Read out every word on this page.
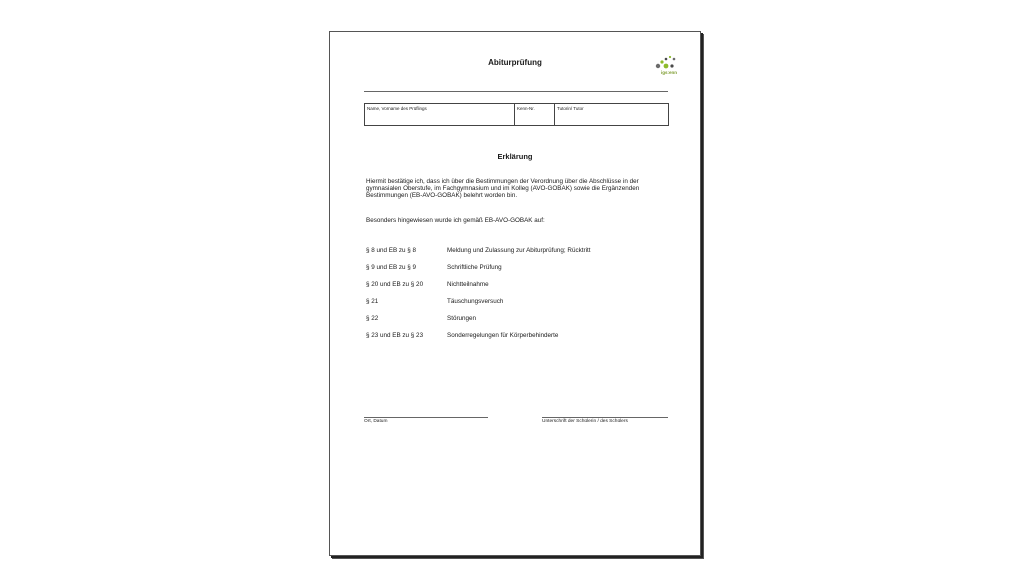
Abiturprüfung
igs:enn
Name, Vorname des Prüflings	Kenn-Nr.	Tutorin/ Tutor
Erklärung
Hiermit bestätige ich, dass ich über die Bestimmungen der Verordnung über die Abschlüsse in der gymnasialen Oberstufe, im Fachgymnasium und im Kolleg (AVO-GOBAK) sowie die Ergänzenden Bestimmungen (EB-AVO-GOBAK) belehrt worden bin.
Besonders hingewiesen wurde ich gemäß EB-AVO-GOBAK auf:
§ 8 und EB zu § 8	Meldung und Zulassung zur Abiturprüfung; Rücktritt
§ 9 und EB zu § 9	Schriftliche Prüfung
§ 20 und EB zu § 20	Nichtteilnahme
§ 21	Täuschungsversuch
§ 22	Störungen
§ 23 und EB zu § 23	Sonderregelungen für Körperbehinderte
Ort, Datum	Unterschrift der Schülerin / des Schülers
